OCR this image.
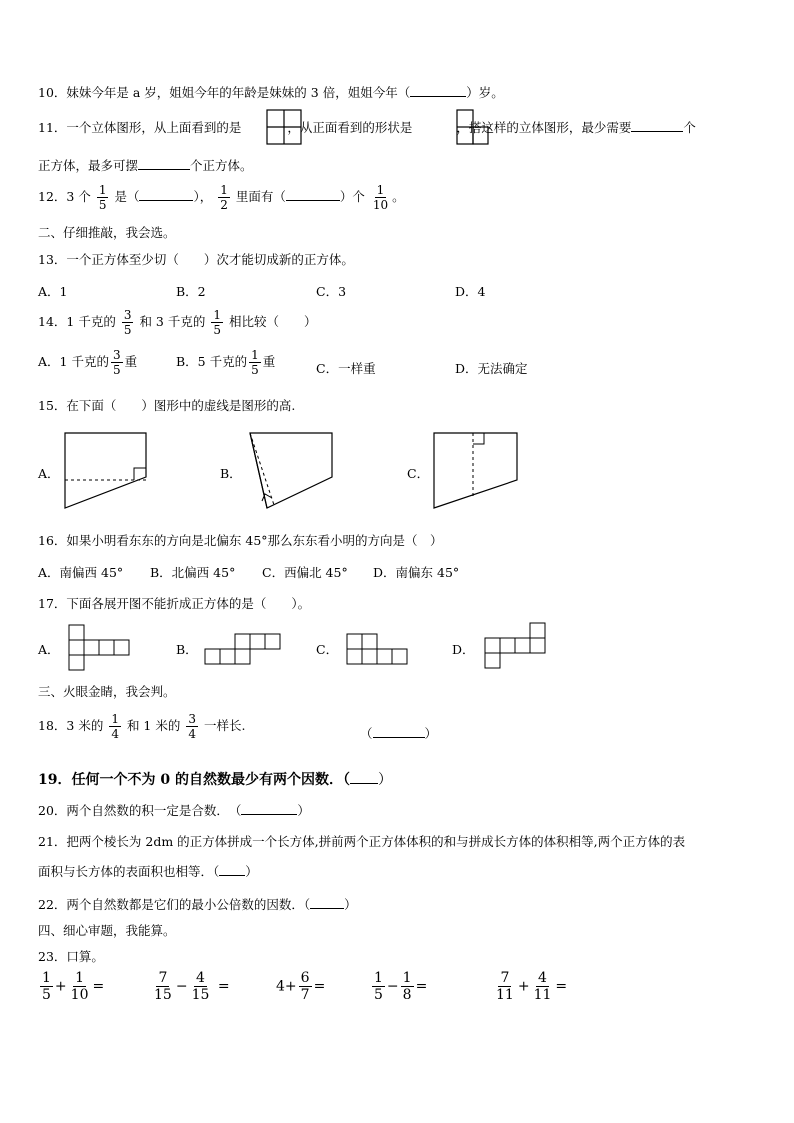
10．妹妹今年是 a 岁，姐姐今年的年龄是妹妹的 3 倍，姐姐今年（	）岁。
11．一个立体图形，从上面看到的是	，从正面看到的形状是	，搭这样的立体图形，最少需要	个
正方体，最多可摆	个正方体。
12．3 个 $\frac{1}{5}$ 是（	）， $\frac{1}{2}$ 里面有（	）个 $\frac{1}{10}$ 。
二、仔细推敲，我会选。
13．一个正方体至少切（　　）次才能切成新的正方体。
A．1	B．2	C．3	D．4
14．1 千克的 $\frac{3}{5}$ 和 3 千克的 $\frac{1}{5}$ 相比较（　　）
A．1 千克的 $\frac{3}{5}$ 重	B．5 千克的 $\frac{1}{5}$ 重	C．一样重	D．无法确定
15．在下面（　　）图形中的虚线是图形的高.
A．	B．	C．
16．如果小明看东东的方向是北偏东 45°那么东东看小明的方向是（　）
A．南偏西 45° B．北偏西 45° C．西偏北 45° D．南偏东 45°
17．下面各展开图不能折成正方体的是（　　）。
A．	B．	C．	D．
三、火眼金睛，我会判。
18．3 米的 $\frac{1}{4}$ 和 1 米的 $\frac{3}{4}$ 一样长.
（	）
19．任何一个不为 0 的自然数最少有两个因数．（ ）
20．两个自然数的积一定是合数．　（	）
21．把两个棱长为 2dm 的正方体拼成一个长方体,拼前两个正方体体积的和与拼成长方体的体积相等,两个正方体的表
面积与长方体的表面积也相等．（ ）
22．两个自然数都是它们的最小公倍数的因数．（	）
四、细心审题，我能算。
23．口算。
$\frac{1}{5} + \frac{1}{10}$ =	$\frac{7}{15} - \frac{4}{15}$ =	$4+ \frac{6}{7}$ =	$\frac{1}{5} - \frac{1}{8}$ =	$\frac{7}{11} + \frac{4}{11}$ =
